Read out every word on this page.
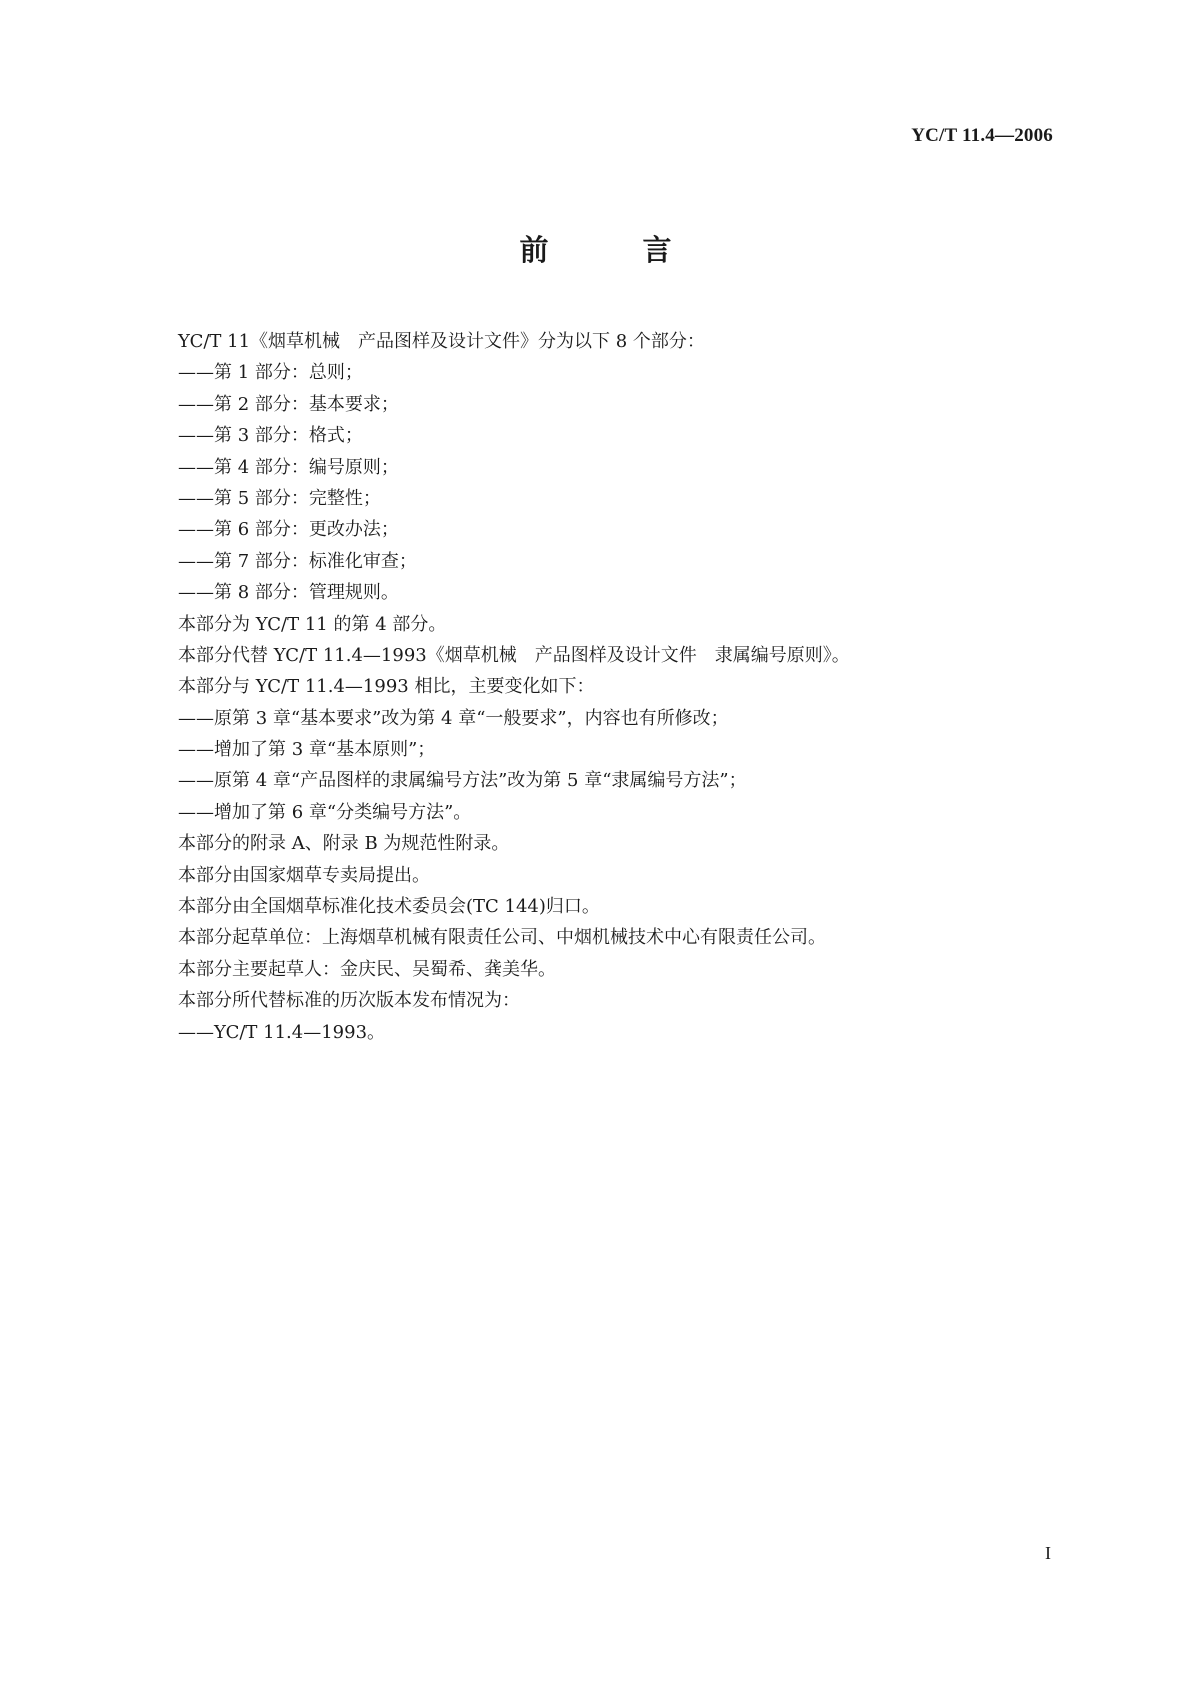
YC/T 11.4—2006
前 言
YC/T 11《烟草机械　产品图样及设计文件》分为以下 8 个部分：
——第 1 部分：总则；
——第 2 部分：基本要求；
——第 3 部分：格式；
——第 4 部分：编号原则；
——第 5 部分：完整性；
——第 6 部分：更改办法；
——第 7 部分：标准化审查；
——第 8 部分：管理规则。
本部分为 YC/T 11 的第 4 部分。
本部分代替 YC/T 11.4—1993《烟草机械　产品图样及设计文件　隶属编号原则》。
本部分与 YC/T 11.4—1993 相比，主要变化如下：
——原第 3 章“基本要求”改为第 4 章“一般要求”，内容也有所修改；
——增加了第 3 章“基本原则”；
——原第 4 章“产品图样的隶属编号方法”改为第 5 章“隶属编号方法”；
——增加了第 6 章“分类编号方法”。
本部分的附录 A、附录 B 为规范性附录。
本部分由国家烟草专卖局提出。
本部分由全国烟草标准化技术委员会(TC 144)归口。
本部分起草单位：上海烟草机械有限责任公司、中烟机械技术中心有限责任公司。
本部分主要起草人：金庆民、吴蜀希、龚美华。
本部分所代替标准的历次版本发布情况为：
——YC/T 11.4—1993。
I
